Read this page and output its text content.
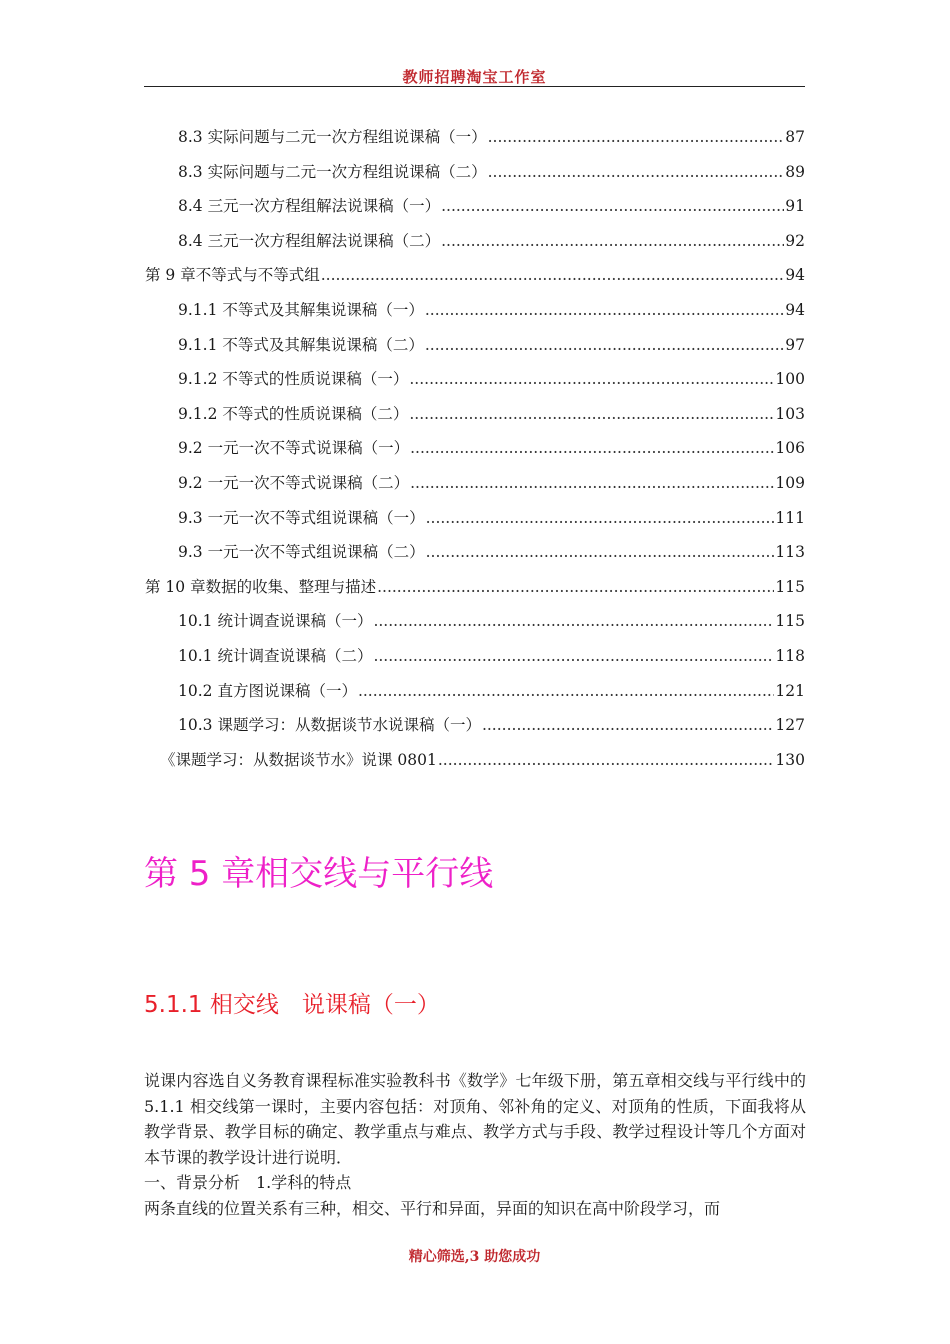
教师招聘淘宝工作室
8.3 实际问题与二元一次方程组说课稿（一） .....	87
8.3 实际问题与二元一次方程组说课稿（二） .....	89
8.4 三元一次方程组解法说课稿（一） .....	91
8.4 三元一次方程组解法说课稿（二） .....	92
第 9 章不等式与不等式组 .....	94
9.1.1 不等式及其解集说课稿（一） .....	94
9.1.1 不等式及其解集说课稿（二） .....	97
9.1.2 不等式的性质说课稿（一） .....	100
9.1.2 不等式的性质说课稿（二） .....	103
9.2 一元一次不等式说课稿（一） .....	106
9.2 一元一次不等式说课稿（二） .....	109
9.3 一元一次不等式组说课稿（一） .....	111
9.3 一元一次不等式组说课稿（二） .....	113
第 10 章数据的收集、整理与描述 .....	115
10.1 统计调查说课稿（一） .....	115
10.1 统计调查说课稿（二） .....	118
10.2 直方图说课稿（一） .....	121
10.3 课题学习：从数据谈节水说课稿（一） .....	127
《课题学习：从数据谈节水》说课 0801 .....	130
第 5 章相交线与平行线
5.1.1 相交线　说课稿（一）

说课内容选自义务教育课程标准实验教科书《数学》七年级下册，第五章相交线与平行线中的 5.1.1 相交线第一课时，主要内容包括：对顶角、邻补角的定义、对顶角的性质，下面我将从教学背景、教学目标的确定、教学重点与难点、教学方式与手段、教学过程设计等几个方面对本节课的教学设计进行说明．

一、背景分析　1.学科的特点

两条直线的位置关系有三种，相交、平行和异面，异面的知识在高中阶段学习，而

精心筛选,3 助您成功
